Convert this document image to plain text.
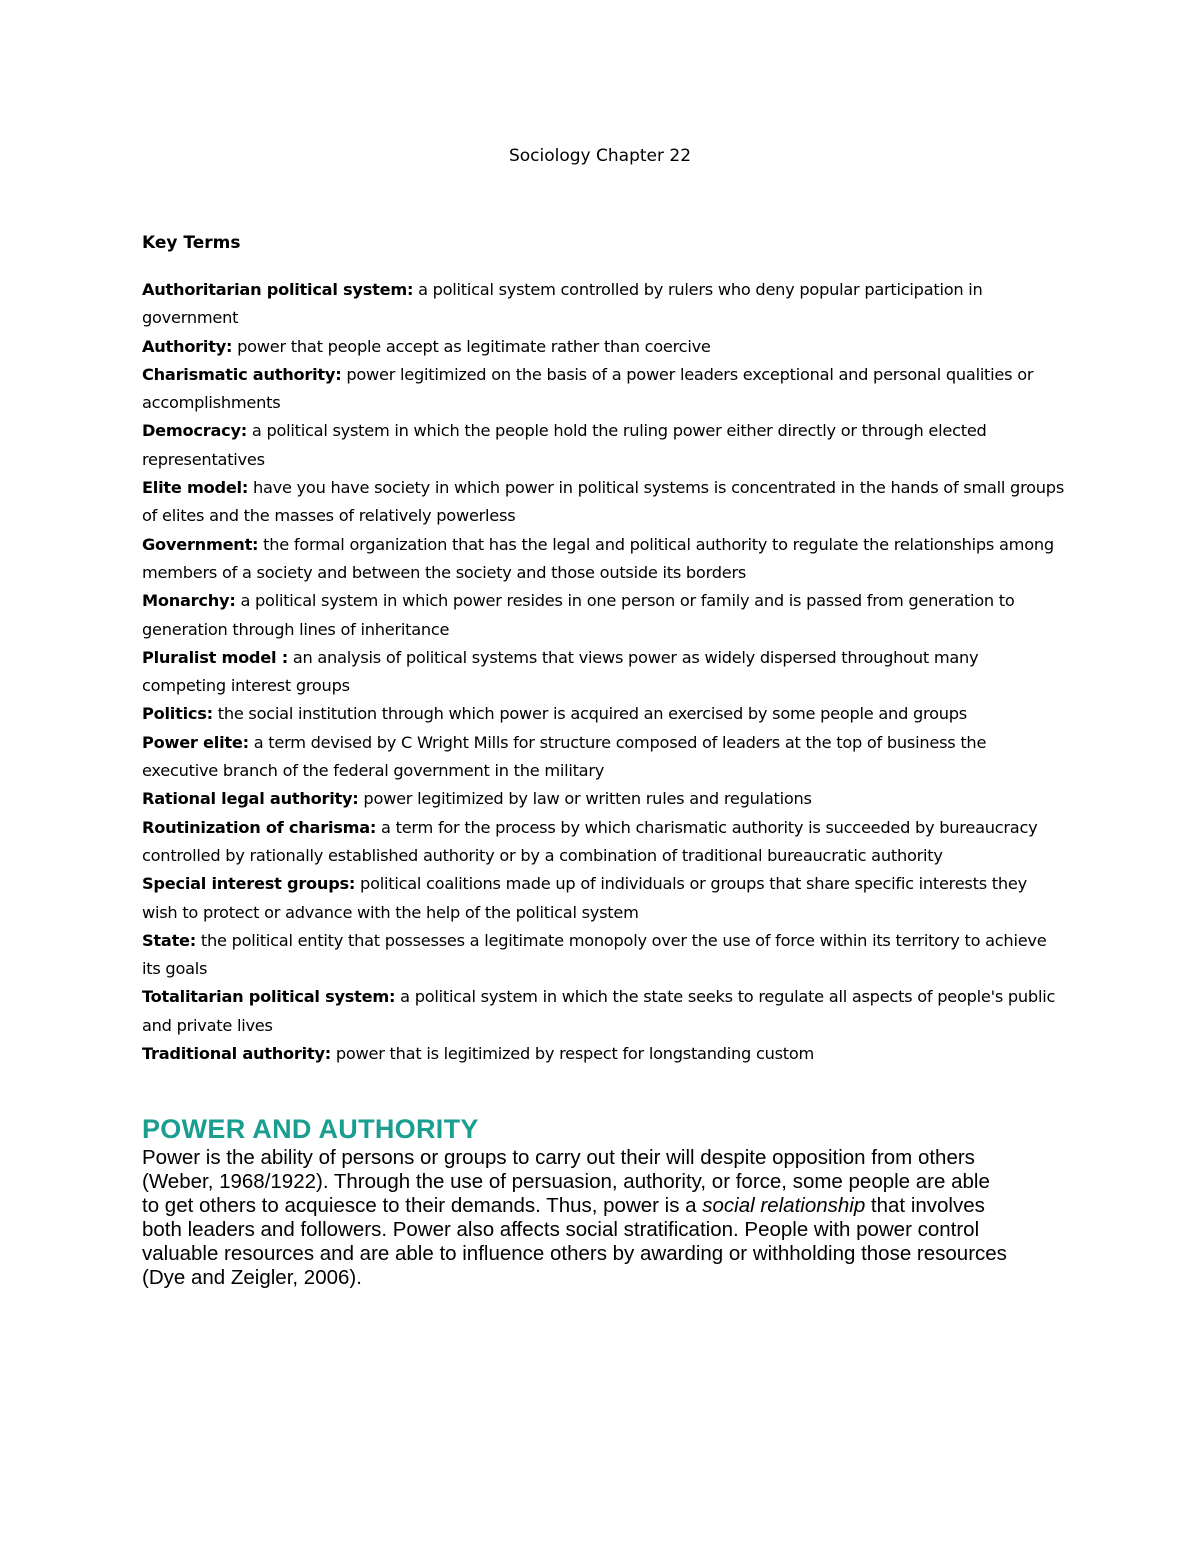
Sociology Chapter 22
Key Terms

Authoritarian political system: a political system controlled by rulers who deny popular participation in government

Authority: power that people accept as legitimate rather than coercive

Charismatic authority: power legitimized on the basis of a power leaders exceptional and personal qualities or accomplishments

Democracy: a political system in which the people hold the ruling power either directly or through elected representatives

Elite model: have you have society in which power in political systems is concentrated in the hands of small groups of elites and the masses of relatively powerless

Government: the formal organization that has the legal and political authority to regulate the relationships among members of a society and between the society and those outside its borders

Monarchy: a political system in which power resides in one person or family and is passed from generation to generation through lines of inheritance

Pluralist model : an analysis of political systems that views power as widely dispersed throughout many competing interest groups

Politics: the social institution through which power is acquired an exercised by some people and groups

Power elite: a term devised by C Wright Mills for structure composed of leaders at the top of business the executive branch of the federal government in the military

Rational legal authority: power legitimized by law or written rules and regulations

Routinization of charisma: a term for the process by which charismatic authority is succeeded by bureaucracy controlled by rationally established authority or by a combination of traditional bureaucratic authority

Special interest groups: political coalitions made up of individuals or groups that share specific interests they wish to protect or advance with the help of the political system

State: the political entity that possesses a legitimate monopoly over the use of force within its territory to achieve its goals

Totalitarian political system: a political system in which the state seeks to regulate all aspects of people's public and private lives

Traditional authority: power that is legitimized by respect for longstanding custom

POWER AND AUTHORITY

Power is the ability of persons or groups to carry out their will despite opposition from others

(Weber, 1968/1922). Through the use of persuasion, authority, or force, some people are able

to get others to acquiesce to their demands. Thus, power is a social relationship that involves

both leaders and followers. Power also affects social stratification. People with power control

valuable resources and are able to influence others by awarding or withholding those resources

(Dye and Zeigler, 2006).
